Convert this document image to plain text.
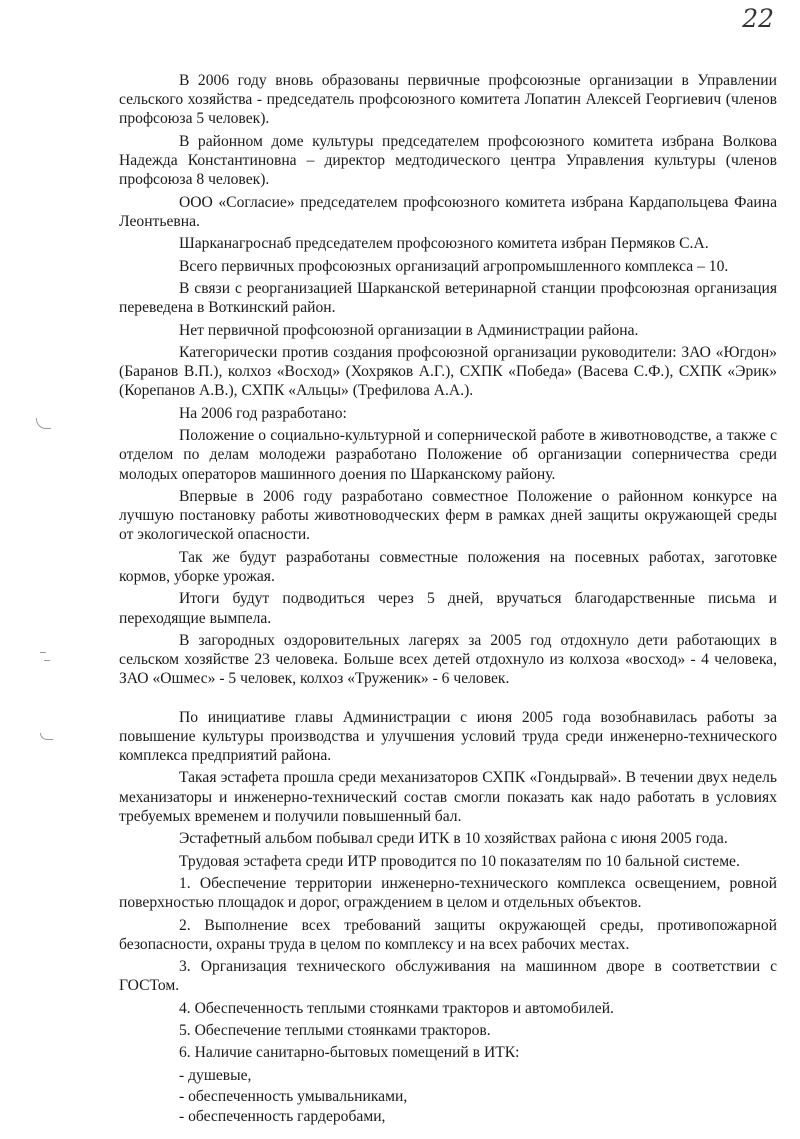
22

В 2006 году вновь образованы первичные профсоюзные организации в Управлении сельского хозяйства - председатель профсоюзного комитета Лопатин Алексей Георгиевич (членов профсоюза 5 человек).

В районном доме культуры председателем профсоюзного комитета избрана Волкова Надежда Константиновна – директор медтодического центра Управления культуры (членов профсоюза 8 человек).

ООО «Согласие» председателем профсоюзного комитета избрана Кардапольцева Фаина Леонтьевна.

Шарканагроснаб председателем профсоюзного комитета избран Пермяков С.А.

Всего первичных профсоюзных организаций агропромышленного комплекса – 10.

В связи с реорганизацией Шарканской ветеринарной станции профсоюзная организация переведена в Воткинский район.

Нет первичной профсоюзной организации в Администрации района.

Категорически против создания профсоюзной организации руководители: ЗАО «Югдон» (Баранов В.П.), колхоз «Восход» (Хохряков А.Г.), СХПК «Победа» (Васева С.Ф.), СХПК «Эрик» (Корепанов А.В.), СХПК «Альцы» (Трефилова А.А.).

На 2006 год разработано:

Положение о социально-культурной и сопернической работе в животноводстве, а также с отделом по делам молодежи разработано Положение об организации соперничества среди молодых операторов машинного доения по Шарканскому району.

Впервые в 2006 году разработано совместное Положение о районном конкурсе на лучшую постановку работы животноводческих ферм в рамках дней защиты окружающей среды от экологической опасности.

Так же будут разработаны совместные положения на посевных работах, заготовке кормов, уборке урожая.

Итоги будут подводиться через 5 дней, вручаться благодарственные письма и переходящие вымпела.

В загородных оздоровительных лагерях за 2005 год отдохнуло дети работающих в сельском хозяйстве 23 человека. Больше всех детей отдохнуло из колхоза «восход» - 4 человека, ЗАО «Ошмес» - 5 человек, колхоз «Труженик» - 6 человек.

По инициативе главы Администрации с июня 2005 года возобнавилась работы за повышение культуры производства и улучшения условий труда среди инженерно-технического комплекса предприятий района.

Такая эстафета прошла среди механизаторов СХПК «Гондырвай». В течении двух недель механизаторы и инженерно-технический состав смогли показать как надо работать в условиях требуемых временем и получили повышенный бал.

Эстафетный альбом побывал среди ИТК в 10 хозяйствах района с июня 2005 года.

Трудовая эстафета среди ИТР проводится по 10 показателям по 10 бальной системе.

1. Обеспечение территории инженерно-технического комплекса освещением, ровной поверхностью площадок и дорог, ограждением в целом и отдельных объектов.

2. Выполнение всех требований защиты окружающей среды, противопожарной безопасности, охраны труда в целом по комплексу и на всех рабочих местах.

3. Организация технического обслуживания на машинном дворе в соответствии с ГОСТом.

4. Обеспеченность теплыми стоянками тракторов и автомобилей.

5. Обеспечение теплыми стоянками тракторов.

6. Наличие санитарно-бытовых помещений в ИТК:

- душевые,

- обеспеченность умывальниками,

- обеспеченность гардеробами,
